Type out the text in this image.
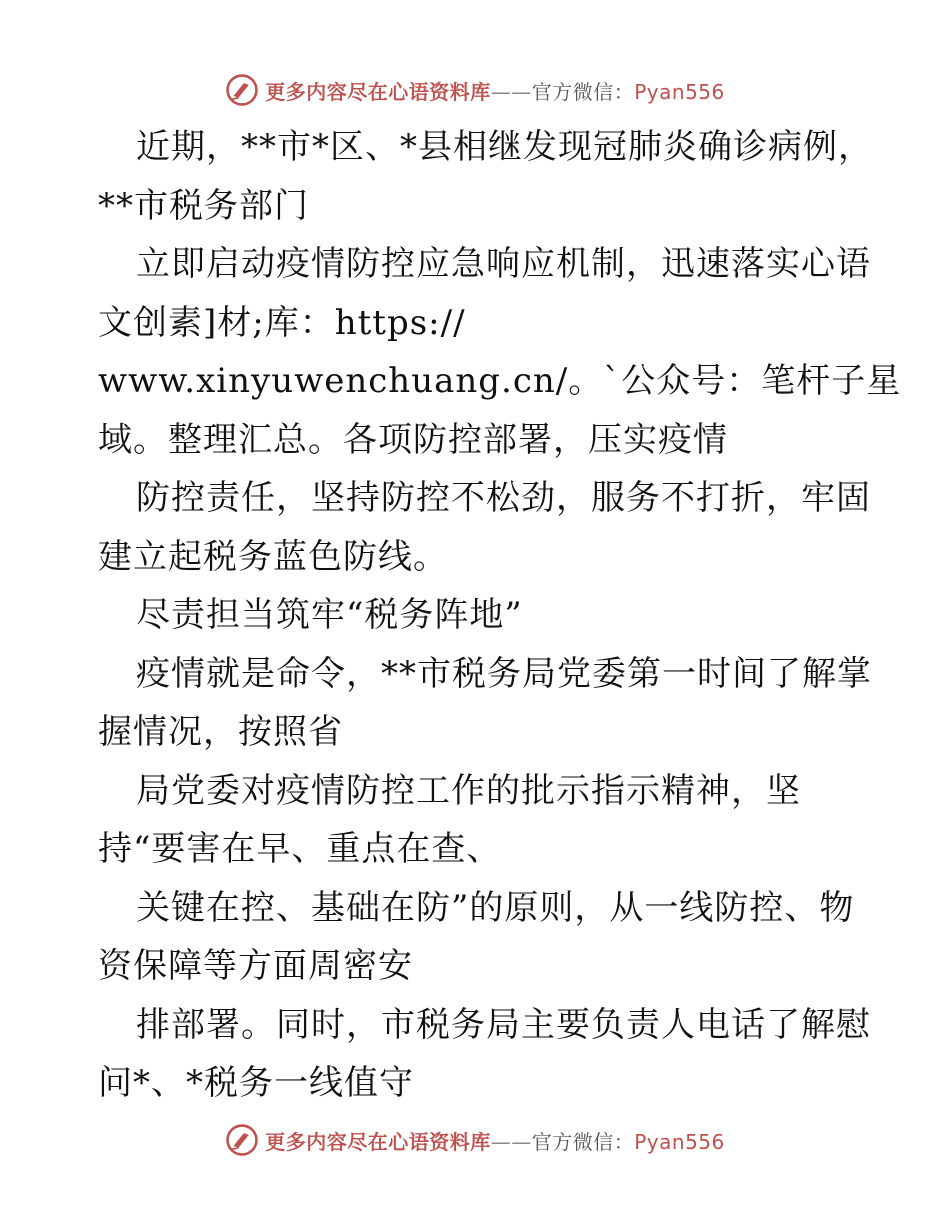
更多内容尽在心语资料库——官方微信：Pyan556
近期，**市*区、*县相继发现冠肺炎确诊病例，
**市税务部门
立即启动疫情防控应急响应机制，迅速落实心语
文创素]材;库：https://
www.xinyuwenchuang.cn/。`公众号：笔杆子星
域。整理汇总。各项防控部署，压实疫情
防控责任，坚持防控不松劲，服务不打折，牢固
建立起税务蓝色防线。
尽责担当筑牢“税务阵地”
疫情就是命令，**市税务局党委第一时间了解掌
握情况，按照省
局党委对疫情防控工作的批示指示精神，坚
持“要害在早、重点在查、
关键在控、基础在防”的原则，从一线防控、物
资保障等方面周密安
排部署。同时，市税务局主要负责人电话了解慰
问*、*税务一线值守
更多内容尽在心语资料库——官方微信：Pyan556
